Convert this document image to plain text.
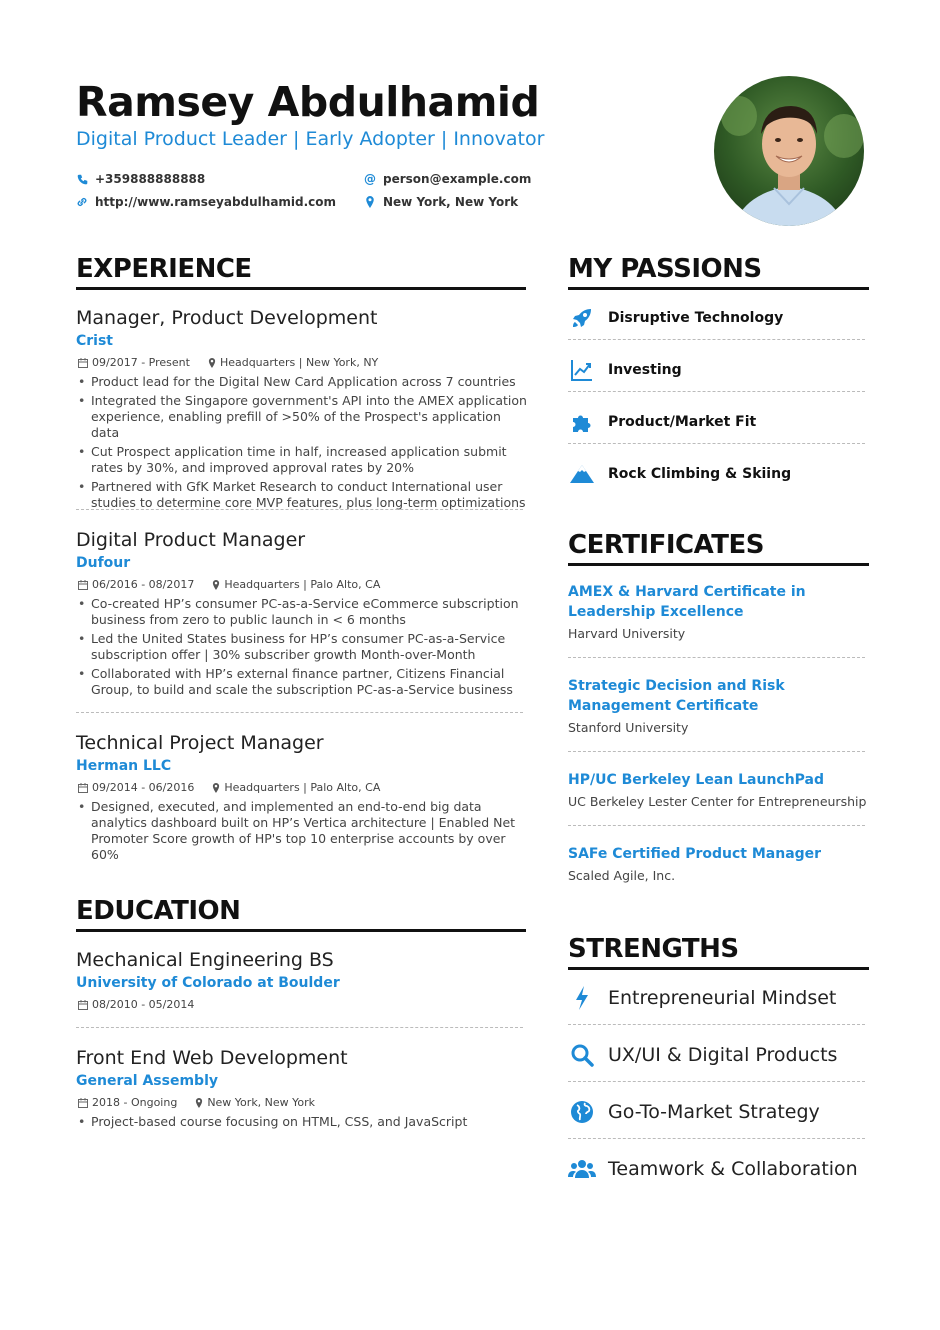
Ramsey Abdulhamid
Digital Product Leader | Early Adopter | Innovator
+359888888888	@ person@example.com
http://www.ramseyabdulhamid.com	New York, New York
EXPERIENCE
Manager, Product Development
Crist
09/2017 - Present	Headquarters | New York, NY
• Product lead for the Digital New Card Application across 7 countries
• Integrated the Singapore government's API into the AMEX application experience, enabling prefill of >50% of the Prospect's application data
• Cut Prospect application time in half, increased application submit rates by 30%, and improved approval rates by 20%
• Partnered with GfK Market Research to conduct International user studies to determine core MVP features, plus long-term optimizations
Digital Product Manager
Dufour
06/2016 - 08/2017	Headquarters | Palo Alto, CA
• Co-created HP’s consumer PC-as-a-Service eCommerce subscription business from zero to public launch in < 6 months
• Led the United States business for HP’s consumer PC-as-a-Service subscription offer | 30% subscriber growth Month-over-Month
• Collaborated with HP’s external finance partner, Citizens Financial Group, to build and scale the subscription PC-as-a-Service business
Technical Project Manager
Herman LLC
09/2014 - 06/2016	Headquarters | Palo Alto, CA
• Designed, executed, and implemented an end-to-end big data analytics dashboard built on HP’s Vertica architecture | Enabled Net Promoter Score growth of HP's top 10 enterprise accounts by over 60%
EDUCATION
Mechanical Engineering BS
University of Colorado at Boulder
08/2010 - 05/2014
Front End Web Development
General Assembly
2018 - Ongoing	New York, New York
• Project-based course focusing on HTML, CSS, and JavaScript
MY PASSIONS
Disruptive Technology
Investing
Product/Market Fit
Rock Climbing & Skiing
CERTIFICATES
AMEX & Harvard Certificate in Leadership Excellence
Harvard University
Strategic Decision and Risk Management Certificate
Stanford University
HP/UC Berkeley Lean LaunchPad
UC Berkeley Lester Center for Entrepreneurship
SAFe Certified Product Manager
Scaled Agile, Inc.
STRENGTHS
Entrepreneurial Mindset
UX/UI & Digital Products
Go-To-Market Strategy
Teamwork & Collaboration
